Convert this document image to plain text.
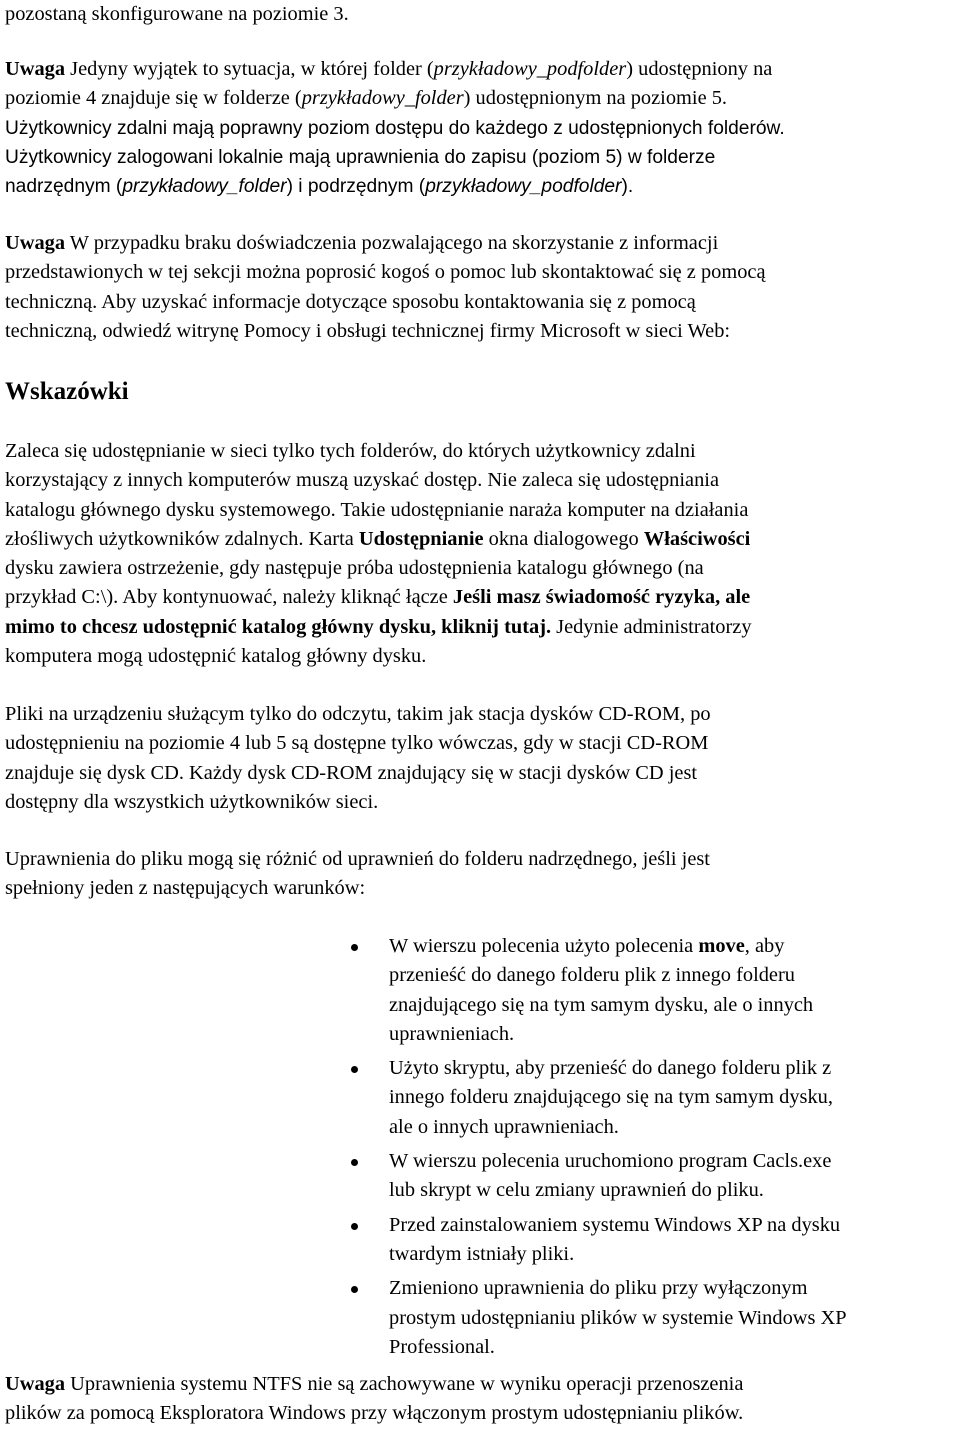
pozostaną skonfigurowane na poziomie 3.

Uwaga Jedyny wyjątek to sytuacja, w której folder (przykładowy_podfolder) udostępniony na
poziomie 4 znajduje się w folderze (przykładowy_folder) udostępnionym na poziomie 5.
Użytkownicy zdalni mają poprawny poziom dostępu do każdego z udostępnionych folderów.
Użytkownicy zalogowani lokalnie mają uprawnienia do zapisu (poziom 5) w folderze
nadrzędnym (przykładowy_folder) i podrzędnym (przykładowy_podfolder).

Uwaga W przypadku braku doświadczenia pozwalającego na skorzystanie z informacji
przedstawionych w tej sekcji można poprosić kogoś o pomoc lub skontaktować się z pomocą
techniczną. Aby uzyskać informacje dotyczące sposobu kontaktowania się z pomocą
techniczną, odwiedź witrynę Pomocy i obsługi technicznej firmy Microsoft w sieci Web:

Wskazówki

Zaleca się udostępnianie w sieci tylko tych folderów, do których użytkownicy zdalni
korzystający z innych komputerów muszą uzyskać dostęp. Nie zaleca się udostępniania
katalogu głównego dysku systemowego. Takie udostępnianie naraża komputer na działania
złośliwych użytkowników zdalnych. Karta Udostępnianie okna dialogowego Właściwości
dysku zawiera ostrzeżenie, gdy następuje próba udostępnienia katalogu głównego (na
przykład C:\). Aby kontynuować, należy kliknąć łącze Jeśli masz świadomość ryzyka, ale
mimo to chcesz udostępnić katalog główny dysku, kliknij tutaj. Jedynie administratorzy
komputera mogą udostępnić katalog główny dysku.

Pliki na urządzeniu służącym tylko do odczytu, takim jak stacja dysków CD-ROM, po
udostępnieniu na poziomie 4 lub 5 są dostępne tylko wówczas, gdy w stacji CD-ROM
znajduje się dysk CD. Każdy dysk CD-ROM znajdujący się w stacji dysków CD jest
dostępny dla wszystkich użytkowników sieci.

Uprawnienia do pliku mogą się różnić od uprawnień do folderu nadrzędnego, jeśli jest
spełniony jeden z następujących warunków:

W wierszu polecenia użyto polecenia move, aby
przenieść do danego folderu plik z innego folderu
znajdującego się na tym samym dysku, ale o innych
uprawnieniach.
Użyto skryptu, aby przenieść do danego folderu plik z
innego folderu znajdującego się na tym samym dysku,
ale o innych uprawnieniach.
W wierszu polecenia uruchomiono program Cacls.exe
lub skrypt w celu zmiany uprawnień do pliku.
Przed zainstalowaniem systemu Windows XP na dysku
twardym istniały pliki.
Zmieniono uprawnienia do pliku przy wyłączonym
prostym udostępnianiu plików w systemie Windows XP
Professional.

Uwaga Uprawnienia systemu NTFS nie są zachowywane w wyniku operacji przenoszenia
plików za pomocą Eksploratora Windows przy włączonym prostym udostępnianiu plików.
